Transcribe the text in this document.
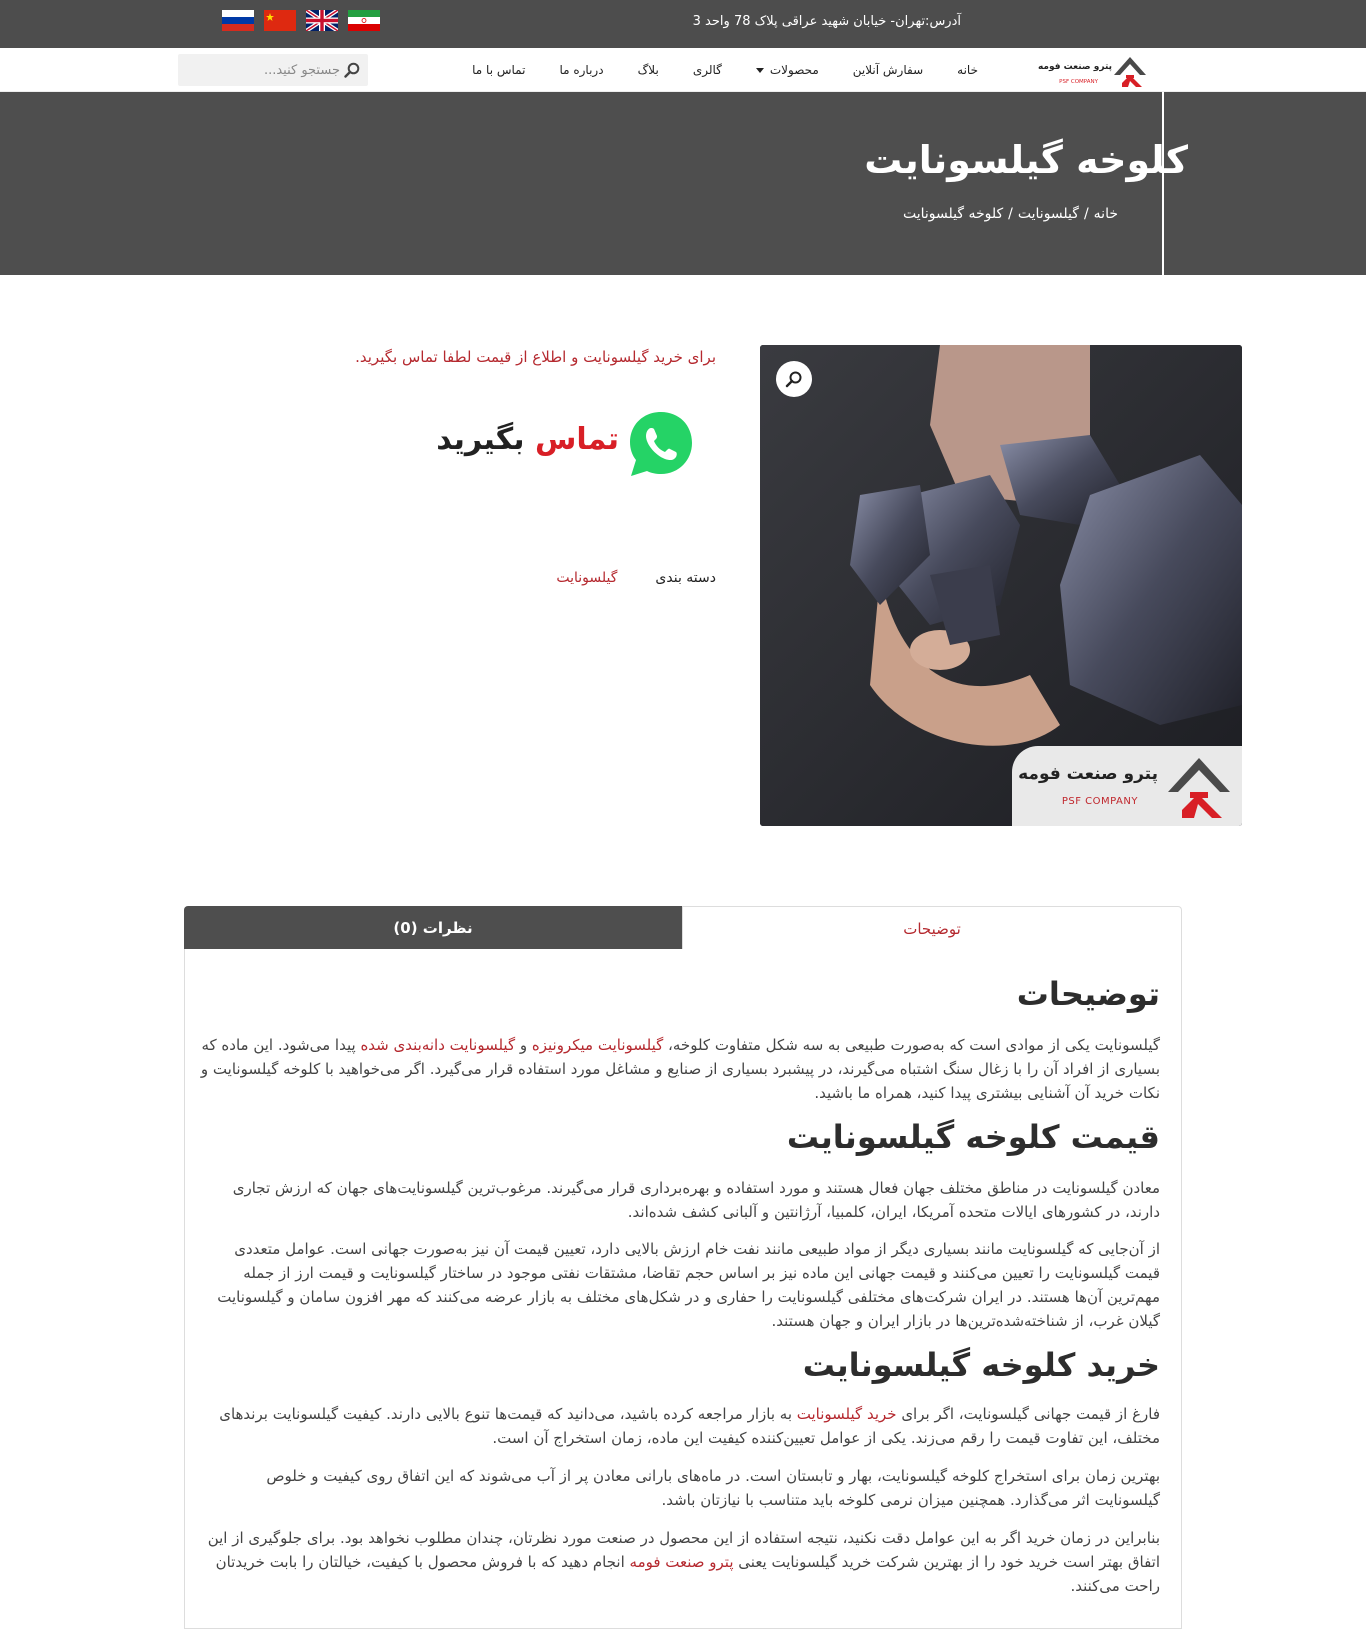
آدرس:تهران- خیابان شهید عراقی پلاک 78 واحد 3
پترو صنعت فومه
PSF COMPANY
خانه
سفارش آنلاین
محصولات
گالری
بلاگ
درباره ما
تماس با ما
جستجو کنید...
کلوخه گیلسونایت
خانه
/
گیلسونایت
/
کلوخه گیلسونایت
پترو صنعت فومه
PSF COMPANY
برای خرید گیلسونایت و اطلاع از قیمت لطفا تماس بگیرید.
تماس بگیرید
دسته بندی
گیلسونایت
توضیحات
نظرات (0)
توضیحات

گیلسونایت یکی از موادی است که به‌صورت طبیعی به سه شکل متفاوت کلوخه، گیلسونایت میکرونیزه و گیلسونایت دانه‌بندی شده پیدا می‌شود. این ماده که بسیاری از افراد آن را با زغال سنگ اشتباه می‌گیرند، در پیشبرد بسیاری از صنایع و مشاغل مورد استفاده قرار می‌گیرد. اگر می‌خواهید با کلوخه گیلسونایت و نکات خرید آن آشنایی بیشتری پیدا کنید، همراه ما باشید.

قیمت کلوخه گیلسونایت

معادن گیلسونایت در مناطق مختلف جهان فعال هستند و مورد استفاده و بهره‌برداری قرار می‌گیرند. مرغوب‌ترین گیلسونایت‌های جهان که ارزش تجاری دارند، در کشورهای ایالات متحده آمریکا، ایران، کلمبیا، آرژانتین و آلبانی کشف شده‌اند.

از آن‌جایی که گیلسونایت مانند بسیاری دیگر از مواد طبیعی مانند نفت خام ارزش بالایی دارد، تعیین قیمت آن نیز به‌صورت جهانی است. عوامل متعددی قیمت گیلسونایت را تعیین می‌کنند و قیمت جهانی این ماده نیز بر اساس حجم تقاضا، مشتقات نفتی موجود در ساختار گیلسونایت و قیمت ارز از جمله مهم‌ترین آن‌ها هستند. در ایران شرکت‌های مختلفی گیلسونایت را حفاری و در شکل‌های مختلف به بازار عرضه می‌کنند که مهر افزون سامان و گیلسونایت گیلان غرب، از شناخته‌شده‌ترین‌ها در بازار ایران و جهان هستند.

خرید کلوخه گیلسونایت

فارغ از قیمت جهانی گیلسونایت، اگر برای خرید گیلسونایت به بازار مراجعه کرده باشید، می‌دانید که قیمت‌ها تنوع بالایی دارند. کیفیت گیلسونایت برندهای مختلف، این تفاوت قیمت را رقم می‌زند. یکی از عوامل تعیین‌کننده کیفیت این ماده، زمان استخراج آن است.

بهترین زمان برای استخراج کلوخه گیلسونایت، بهار و تابستان است. در ماه‌های بارانی معادن پر از آب می‌شوند که این اتفاق روی کیفیت و خلوص گیلسونایت اثر می‌گذارد. همچنین میزان نرمی کلوخه باید متناسب با نیازتان باشد.

بنابراین در زمان خرید اگر به این عوامل دقت نکنید، نتیجه استفاده از این محصول در صنعت مورد نظرتان، چندان مطلوب نخواهد بود. برای جلوگیری از این اتفاق بهتر است خرید خود را از بهترین شرکت خرید گیلسونایت یعنی پترو صنعت فومه انجام دهید که با فروش محصول با کیفیت، خیالتان را بابت خریدتان راحت می‌کنند.
